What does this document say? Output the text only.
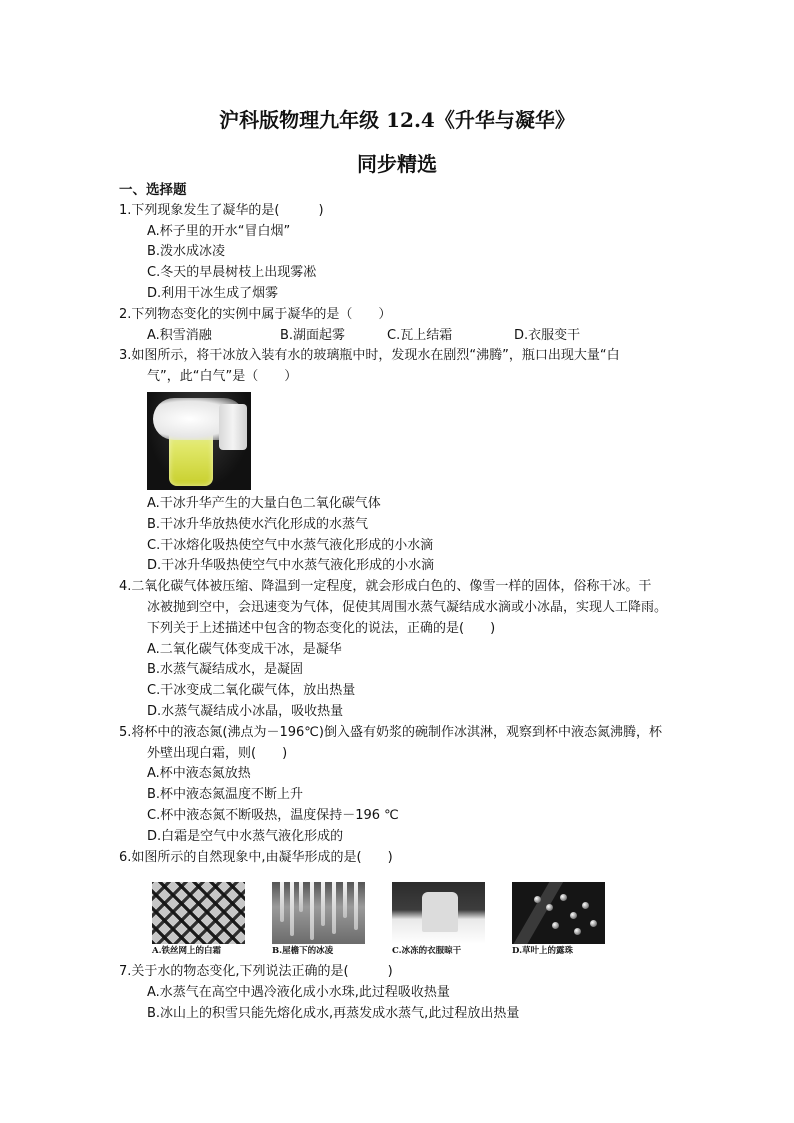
沪科版物理九年级 12.4《升华与凝华》
同步精选
一、选择题
1.下列现象发生了凝华的是(　　　)
A.杯子里的开水“冒白烟”
B.泼水成冰凌
C.冬天的早晨树枝上出现雾凇
D.利用干冰生成了烟雾
2.下列物态变化的实例中属于凝华的是（　　）
A.积雪消融	B.湖面起雾	C.瓦上结霜	D.衣服变干
3.如图所示，将干冰放入装有水的玻璃瓶中时，发现水在剧烈“沸腾”，瓶口出现大量“白
气”，此“白气”是（　　）
A.干冰升华产生的大量白色二氧化碳气体
B.干冰升华放热使水汽化形成的水蒸气
C.干冰熔化吸热使空气中水蒸气液化形成的小水滴
D.干冰升华吸热使空气中水蒸气液化形成的小水滴
4.二氧化碳气体被压缩、降温到一定程度，就会形成白色的、像雪一样的固体，俗称干冰。干
冰被抛到空中，会迅速变为气体，促使其周围水蒸气凝结成水滴或小冰晶，实现人工降雨。
下列关于上述描述中包含的物态变化的说法，正确的是(　　)
A.二氧化碳气体变成干冰，是凝华
B.水蒸气凝结成水，是凝固
C.干冰变成二氧化碳气体，放出热量
D.水蒸气凝结成小冰晶，吸收热量
5.将杯中的液态氮(沸点为－196℃)倒入盛有奶浆的碗制作冰淇淋，观察到杯中液态氮沸腾，杯
外壁出现白霜，则(　　)
A.杯中液态氮放热
B.杯中液态氮温度不断上升
C.杯中液态氮不断吸热，温度保持－196 ℃
D.白霜是空气中水蒸气液化形成的
6.如图所示的自然现象中,由凝华形成的是(　　)
A.铁丝网上的白霜	B.屋檐下的冰凌	C.冰冻的衣服晾干	D.草叶上的露珠
7.关于水的物态变化,下列说法正确的是(　　　)
A.水蒸气在高空中遇冷液化成小水珠,此过程吸收热量
B.冰山上的积雪只能先熔化成水,再蒸发成水蒸气,此过程放出热量
